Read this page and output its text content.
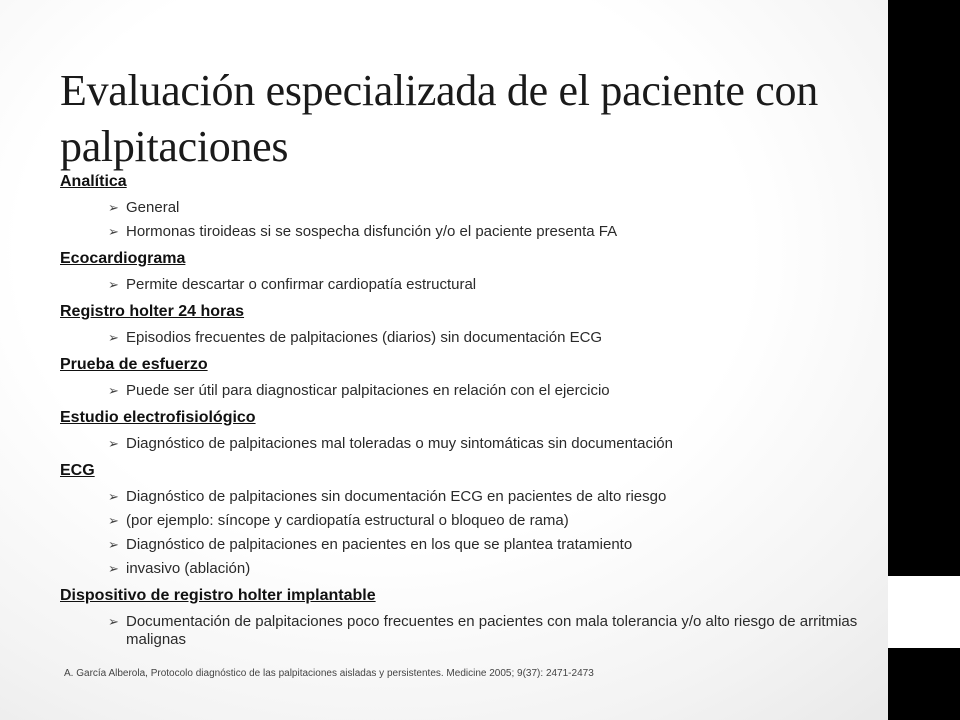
Evaluación especializada de el paciente con palpitaciones
Analítica
➢ General
➢ Hormonas tiroideas si se sospecha disfunción y/o el paciente presenta FA
Ecocardiograma
➢ Permite descartar o confirmar cardiopatía estructural
Registro holter 24 horas
➢ Episodios frecuentes de palpitaciones (diarios) sin documentación ECG
Prueba de esfuerzo
➢ Puede ser útil para diagnosticar palpitaciones en relación con el ejercicio
Estudio electrofisiológico
➢ Diagnóstico de palpitaciones mal toleradas o muy sintomáticas sin documentación
ECG
➢ Diagnóstico de palpitaciones sin documentación ECG en pacientes de alto riesgo
➢ (por ejemplo: síncope y cardiopatía estructural o bloqueo de rama)
➢ Diagnóstico de palpitaciones en pacientes en los que se plantea tratamiento
➢ invasivo (ablación)
Dispositivo de registro holter implantable
➢ Documentación de palpitaciones poco frecuentes en pacientes con mala tolerancia y/o alto riesgo de arritmias malignas
A. García Alberola, Protocolo diagnóstico de las palpitaciones aisladas y persistentes. Medicine 2005; 9(37): 2471-2473
